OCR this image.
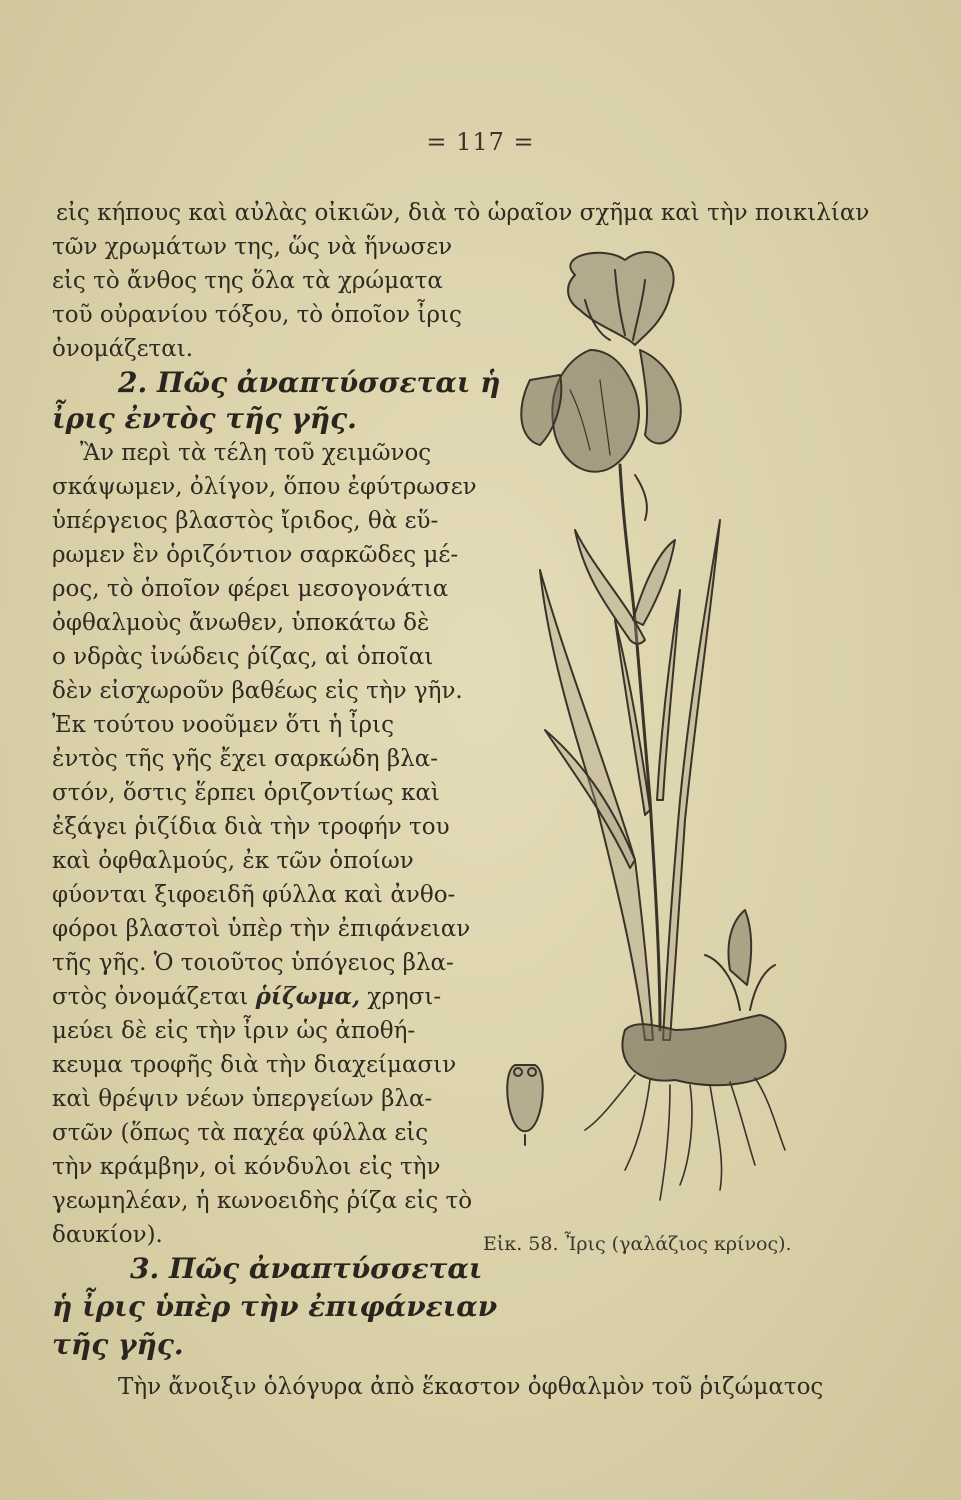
= 117 =
εἰς κήπους καὶ αὐλὰς οἰκιῶν, διὰ τὸ ὡραῖον σχῆμα καὶ τὴν ποικιλίαν
τῶν χρωμάτων της, ὥς νὰ ἥνωσεν
εἰς τὸ ἄνθος της ὅλα τὰ χρώματα
τοῦ οὐρανίου τόξου, τὸ ὁποῖον ἶρις
ὀνομάζεται.
2. Πῶς ἀναπτύσσεται ἡ
ἶρις ἐντὸς τῆς γῆς.
Ἂν περὶ τὰ τέλη τοῦ χειμῶνος
σκάψωμεν, ὀλίγον, ὅπου ἐφύτρωσεν
ὑπέργειος βλαστὸς ἴριδος, θὰ εὕ-
ρωμεν ἓν ὁριζόντιον σαρκῶδες μέ-
ρος, τὸ ὁποῖον φέρει μεσογονάτια
ὀφθαλμοὺς ἄνωθεν, ὑποκάτω δὲ
ο νδρὰς ἰνώδεις ῥίζας, αἱ ὁποῖαι
δὲν εἰσχωροῦν βαθέως εἰς τὴν γῆν.
Ἐκ τούτου νοοῦμεν ὅτι ἡ ἶρις
ἐντὸς τῆς γῆς ἔχει σαρκώδη βλα-
στόν, ὅστις ἕρπει ὁριζοντίως καὶ
ἐξάγει ῥιζίδια διὰ τὴν τροφήν του
καὶ ὀφθαλμούς, ἐκ τῶν ὁποίων
φύονται ξιφοειδῆ φύλλα καὶ ἀνθο-
φόροι βλαστοὶ ὑπὲρ τὴν ἐπιφάνειαν
τῆς γῆς. Ὁ τοιοῦτος ὑπόγειος βλα-
στὸς ὀνομάζεται ῥίζωμα, χρησι-
μεύει δὲ εἰς τὴν ἶριν ὡς ἀποθή-
κευμα τροφῆς διὰ τὴν διαχείμασιν
καὶ θρέψιν νέων ὑπεργείων βλα-
στῶν (ὅπως τὰ παχέα φύλλα εἰς
τὴν κράμβην, οἱ κόνδυλοι εἰς τὴν
γεωμηλέαν, ἡ κωνοειδὴς ῥίζα εἰς τὸ
δαυκίον).
3. Πῶς ἀναπτύσσεται
ἡ ἶρις ὑπὲρ τὴν ἐπιφάνειαν
τῆς γῆς.
Εἰκ. 58. Ἶρις (γαλάζιος κρίνος).
Τὴν ἄνοιξιν ὁλόγυρα ἀπὸ ἕκαστον ὀφθαλμὸν τοῦ ῥιζώματος
